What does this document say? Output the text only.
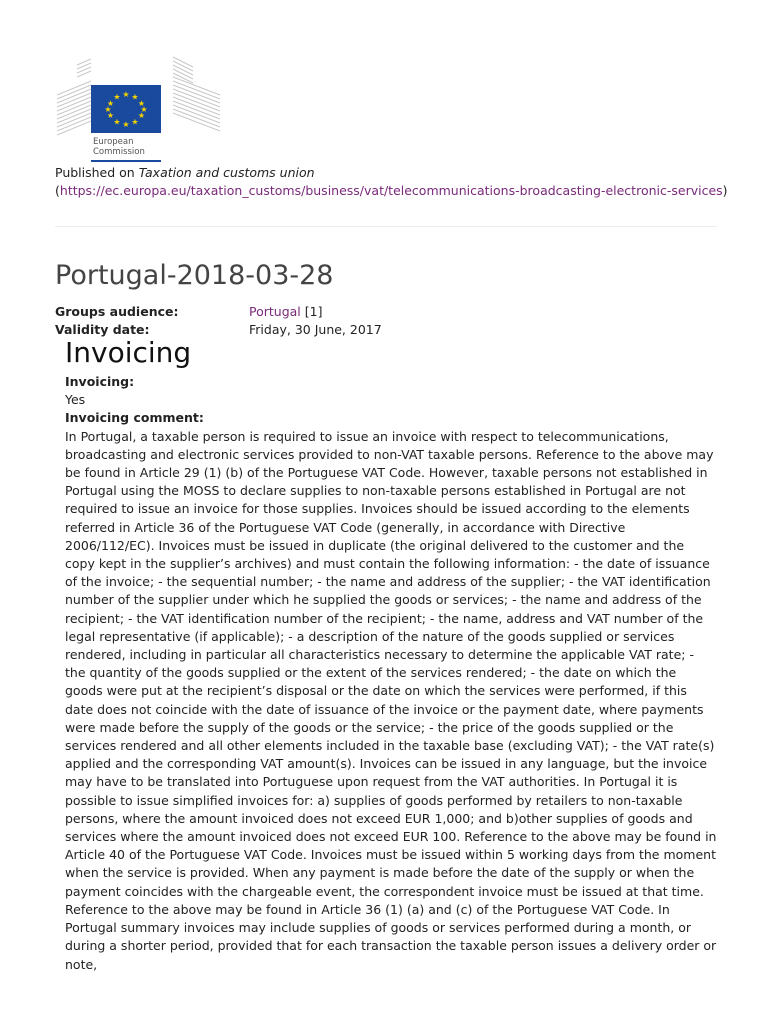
★ ★
★
★
★
★
★
★
★
★
★
★
European
Commission
Published on Taxation and customs union
(https://ec.europa.eu/taxation_customs/business/vat/telecommunications-broadcasting-electronic-services)
Portugal-2018-03-28
Groups audience:	Portugal [1]
Validity date:	Friday, 30 June, 2017
Invoicing
Invoicing:
Yes
Invoicing comment:

In Portugal, a taxable person is required to issue an invoice with respect to telecommunications, broadcasting and electronic services provided to non-VAT taxable persons. Reference to the above may be found in Article 29 (1) (b) of the Portuguese VAT Code. However, taxable persons not established in Portugal using the MOSS to declare supplies to non-taxable persons established in Portugal are not required to issue an invoice for those supplies. Invoices should be issued according to the elements referred in Article 36 of the Portuguese VAT Code (generally, in accordance with Directive 2006/112/EC). Invoices must be issued in duplicate (the original delivered to the customer and the copy kept in the supplier’s archives) and must contain the following information: - the date of issuance of the invoice; - the sequential number; - the name and address of the supplier; - the VAT identification number of the supplier under which he supplied the goods or services; - the name and address of the recipient; - the VAT identification number of the recipient; - the name, address and VAT number of the legal representative (if applicable); - a description of the nature of the goods supplied or services rendered, including in particular all characteristics necessary to determine the applicable VAT rate; - the quantity of the goods supplied or the extent of the services rendered; - the date on which the goods were put at the recipient’s disposal or the date on which the services were performed, if this date does not coincide with the date of issuance of the invoice or the payment date, where payments were made before the supply of the goods or the service; - the price of the goods supplied or the services rendered and all other elements included in the taxable base (excluding VAT); - the VAT rate(s) applied and the corresponding VAT amount(s). Invoices can be issued in any language, but the invoice may have to be translated into Portuguese upon request from the VAT authorities. In Portugal it is possible to issue simplified invoices for: a) supplies of goods performed by retailers to non-taxable persons, where the amount invoiced does not exceed EUR 1,000; and b)other supplies of goods and services where the amount invoiced does not exceed EUR 100. Reference to the above may be found in Article 40 of the Portuguese VAT Code. Invoices must be issued within 5 working days from the moment when the service is provided. When any payment is made before the date of the supply or when the payment coincides with the chargeable event, the correspondent invoice must be issued at that time. Reference to the above may be found in Article 36 (1) (a) and (c) of the Portuguese VAT Code. In Portugal summary invoices may include supplies of goods or services performed during a month, or during a shorter period, provided that for each transaction the taxable person issues a delivery order or note,
